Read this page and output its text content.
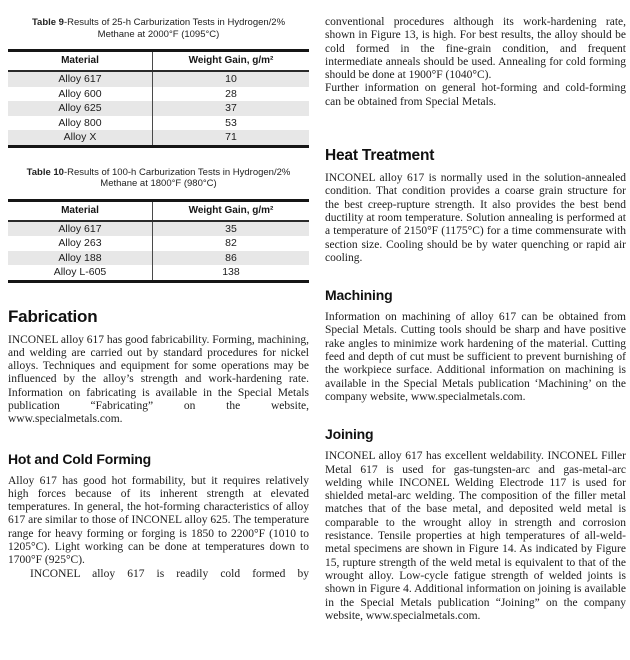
Table 9-Results of 25-h Carburization Tests in Hydrogen/2% Methane at 2000°F (1095°C)

Material	Weight Gain, g/m²
Alloy 617	10
Alloy 600	28
Alloy 625	37
Alloy 800	53
Alloy X	71

Table 10-Results of 100-h Carburization Tests in Hydrogen/2% Methane at 1800°F (980°C)

Material	Weight Gain, g/m²
Alloy 617	35
Alloy 263	82
Alloy 188	86
Alloy L-605	138
Fabrication

INCONEL alloy 617 has good fabricability. Forming, machining, and welding are carried out by standard procedures for nickel alloys. Techniques and equipment for some operations may be influenced by the alloy’s strength and work-hardening rate. Information on fabricating is available in the Special Metals publication “Fabricating” on the website, www.specialmetals.com.

Hot and Cold Forming

Alloy 617 has good hot formability, but it requires relatively high forces because of its inherent strength at elevated temperatures. In general, the hot-forming characteristics of alloy 617 are similar to those of INCONEL alloy 625. The temperature range for heavy forming or forging is 1850 to 2200°F (1010 to 1205°C). Light working can be done at temperatures down to 1700°F (925°C).

INCONEL alloy 617 is readily cold formed by

conventional procedures although its work-hardening rate, shown in Figure 13, is high. For best results, the alloy should be cold formed in the fine-grain condition, and frequent intermediate anneals should be used. Annealing for cold forming should be done at 1900°F (1040°C).

Further information on general hot-forming and cold-forming can be obtained from Special Metals.

Heat Treatment

INCONEL alloy 617 is normally used in the solution-annealed condition. That condition provides a coarse grain structure for the best creep-rupture strength. It also provides the best bend ductility at room temperature. Solution annealing is performed at a temperature of 2150°F (1175°C) for a time commensurate with section size. Cooling should be by water quenching or rapid air cooling.

Machining

Information on machining of alloy 617 can be obtained from Special Metals. Cutting tools should be sharp and have positive rake angles to minimize work hardening of the material. Cutting feed and depth of cut must be sufficient to prevent burnishing of the workpiece surface. Additional information on machining is available in the Special Metals publication ‘Machining’ on the company website, www.specialmetals.com.

Joining

INCONEL alloy 617 has excellent weldability. INCONEL Filler Metal 617 is used for gas-tungsten-arc and gas-metal-arc welding while INCONEL Welding Electrode 117 is used for shielded metal-arc welding. The composition of the filler metal matches that of the base metal, and deposited weld metal is comparable to the wrought alloy in strength and corrosion resistance. Tensile properties at high temperatures of all-weld-metal specimens are shown in Figure 14. As indicated by Figure 15, rupture strength of the weld metal is equivalent to that of the wrought alloy. Low-cycle fatigue strength of welded joints is shown in Figure 4. Additional information on joining is available in the Special Metals publication “Joining” on the company website, www.specialmetals.com.
